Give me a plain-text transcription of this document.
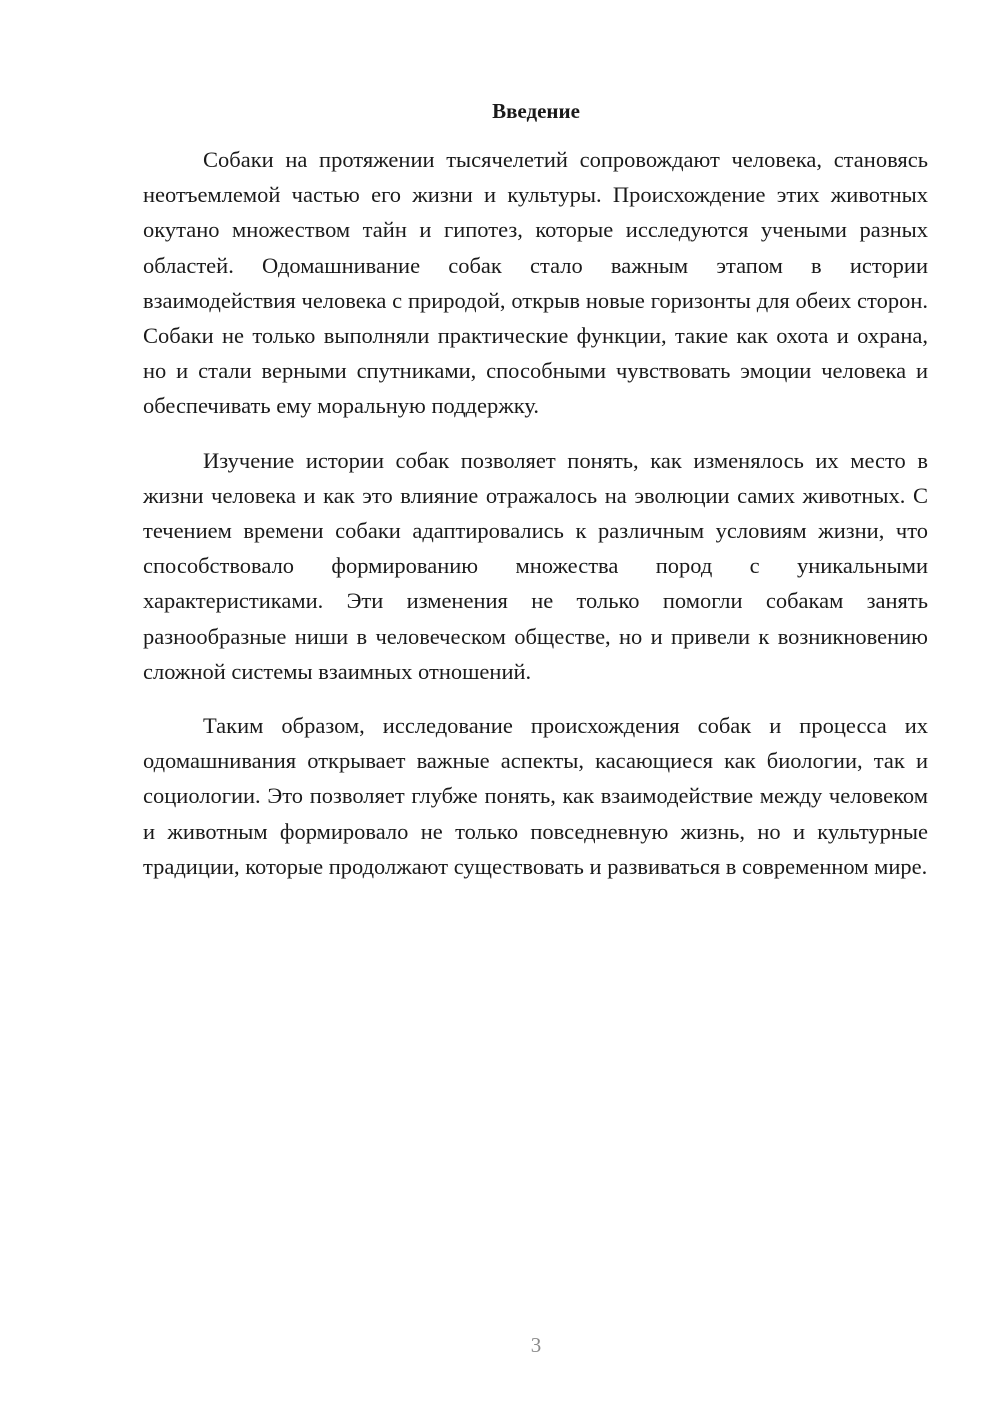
Введение

Собаки на протяжении тысячелетий сопровождают человека, становясь неотъемлемой частью его жизни и культуры. Происхождение этих животных окутано множеством тайн и гипотез, которые исследуются учеными разных областей. Одомашнивание собак стало важным этапом в истории взаимодействия человека с природой, открыв новые горизонты для обеих сторон. Собаки не только выполняли практические функции, такие как охота и охрана, но и стали верными спутниками, способными чувствовать эмоции человека и обеспечивать ему моральную поддержку.

Изучение истории собак позволяет понять, как изменялось их место в жизни человека и как это влияние отражалось на эволюции самих животных. С течением времени собаки адаптировались к различным условиям жизни, что способствовало формированию множества пород с уникальными характеристиками. Эти изменения не только помогли собакам занять разнообразные ниши в человеческом обществе, но и привели к возникновению сложной системы взаимных отношений.

Таким образом, исследование происхождения собак и процесса их одомашнивания открывает важные аспекты, касающиеся как биологии, так и социологии. Это позволяет глубже понять, как взаимодействие между человеком и животным формировало не только повседневную жизнь, но и культурные традиции, которые продолжают существовать и развиваться в современном мире.

3
